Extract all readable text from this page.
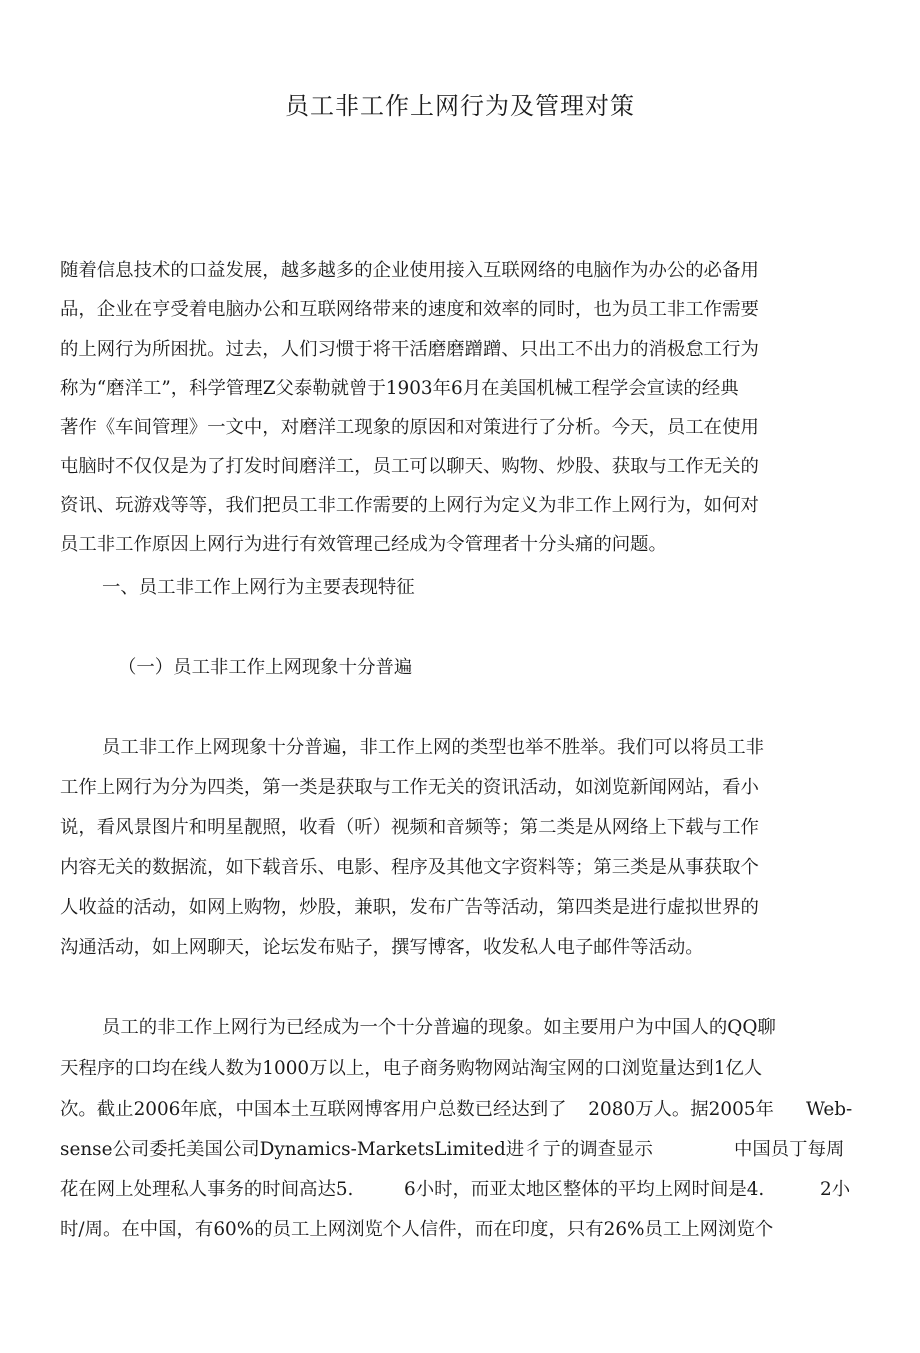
员工非工作上网行为及管理对策
随着信息技术的口益发展，越多越多的企业使用接入互联网络的电脑作为办公的必备用
品，企业在亨受着电脑办公和互联网络带来的速度和效率的同时，也为员工非工作需要
的上网行为所困扰。过去，人们习惯于将干活磨磨蹭蹭、只出工不出力的消极怠工行为
称为“磨洋工”，科学管理Z父泰勒就曾于1903年6月在美国机械工程学会宣读的经典
著作《车间管理》一文中，对磨洋工现象的原因和对策进行了分析。今天，员工在使用
屯脑时不仅仅是为了打发时间磨洋工，员工可以聊天、购物、炒股、获取与工作无关的
资讯、玩游戏等等，我们把员工非工作需要的上网行为定义为非工作上网行为，如何对
员工非工作原因上网行为进行有效管理己经成为令管理者十分头痛的问题。
一、员工非工作上网行为主要表现特征
（一）员工非工作上网现象十分普遍
员工非工作上网现象十分普遍，非工作上网的类型也举不胜举。我们可以将员工非
工作上网行为分为四类，第一类是获取与工作无关的资讯活动，如浏览新闻网站，看小
说，看风景图片和明星靓照，收看（听）视频和音频等；第二类是从网络上下载与工作
内容无关的数据流，如下载音乐、电影、程序及其他文字资料等；第三类是从事获取个
人收益的活动，如网上购物，炒股，兼职，发布广告等活动，第四类是进行虚拟世界的
沟通活动，如上网聊天，论坛发布贴子，撰写博客，收发私人电子邮件等活动。
员工的非工作上网行为已经成为一个十分普遍的现象。如主要用户为中国人的QQ聊
天程序的口均在线人数为1000万以上，电子商务购物网站淘宝网的口浏览量达到1亿人
次。截止2006年底，中国本土互联网博客用户总数已经达到了 2080万人。据2005年 Web-
sense公司委托美国公司Dynamics-MarketsLimited进彳亍的调查显示	中国员丁每周
花在网上处理私人事务的时间高达5.	6小时，而亚太地区整体的平均上网时间是4.	2小
时/周。在中国，有60%的员工上网浏览个人信件，而在印度，只有26%员工上网浏览个
